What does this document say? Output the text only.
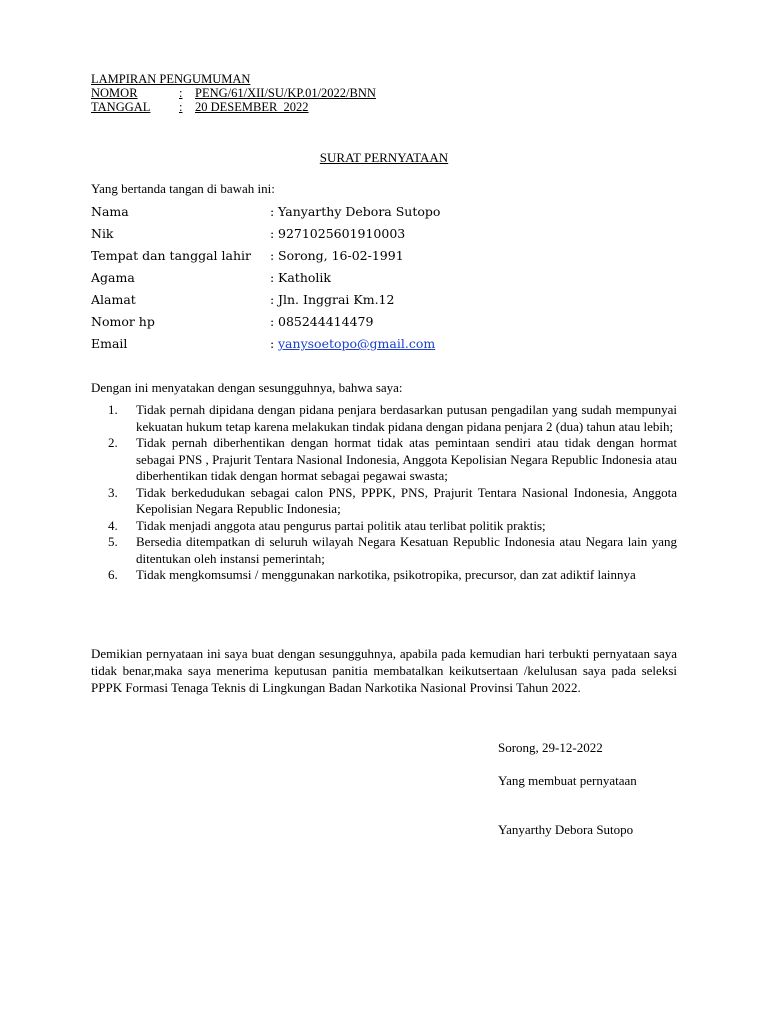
LAMPIRAN PENGUMUMAN
NOMOR	:	PENG/61/XII/SU/KP.01/2022/BNN
TANGGAL	:	20 DESEMBER  2022
SURAT PERNYATAAN
Yang bertanda tangan di bawah ini:
Nama	: Yanyarthy Debora Sutopo
Nik	: 9271025601910003
Tempat dan tanggal lahir	: Sorong, 16-02-1991
Agama	: Katholik
Alamat	: Jln. Inggrai Km.12
Nomor hp	: 085244414479
Email	: yanysoetopo@gmail.com
Dengan ini menyatakan dengan sesungguhnya, bahwa saya:
1.	Tidak pernah dipidana dengan pidana penjara berdasarkan putusan pengadilan yang sudah mempunyai kekuatan hukum tetap karena melakukan tindak pidana dengan pidana penjara 2 (dua) tahun atau lebih;
2.	Tidak pernah diberhentikan dengan hormat tidak atas pemintaan sendiri atau tidak dengan hormat sebagai PNS , Prajurit Tentara Nasional Indonesia, Anggota Kepolisian Negara Republic Indonesia atau diberhentikan tidak dengan hormat sebagai pegawai swasta;
3.	Tidak berkedudukan sebagai calon PNS, PPPK, PNS, Prajurit Tentara Nasional Indonesia, Anggota Kepolisian Negara Republic Indonesia;
4.	Tidak menjadi anggota atau pengurus partai politik atau terlibat politik praktis;
5.	Bersedia ditempatkan di seluruh wilayah Negara Kesatuan Republic Indonesia atau Negara lain yang ditentukan oleh instansi pemerintah;
6.	Tidak mengkomsumsi / menggunakan narkotika, psikotropika, precursor, dan zat adiktif lainnya
Demikian pernyataan ini saya buat dengan sesungguhnya, apabila pada kemudian hari terbukti pernyataan saya tidak benar,maka saya menerima keputusan panitia membatalkan keikutsertaan /kelulusan saya pada seleksi PPPK Formasi Tenaga Teknis di Lingkungan Badan Narkotika Nasional Provinsi Tahun 2022.
Sorong, 29-12-2022
Yang membuat pernyataan
Yanyarthy Debora Sutopo
